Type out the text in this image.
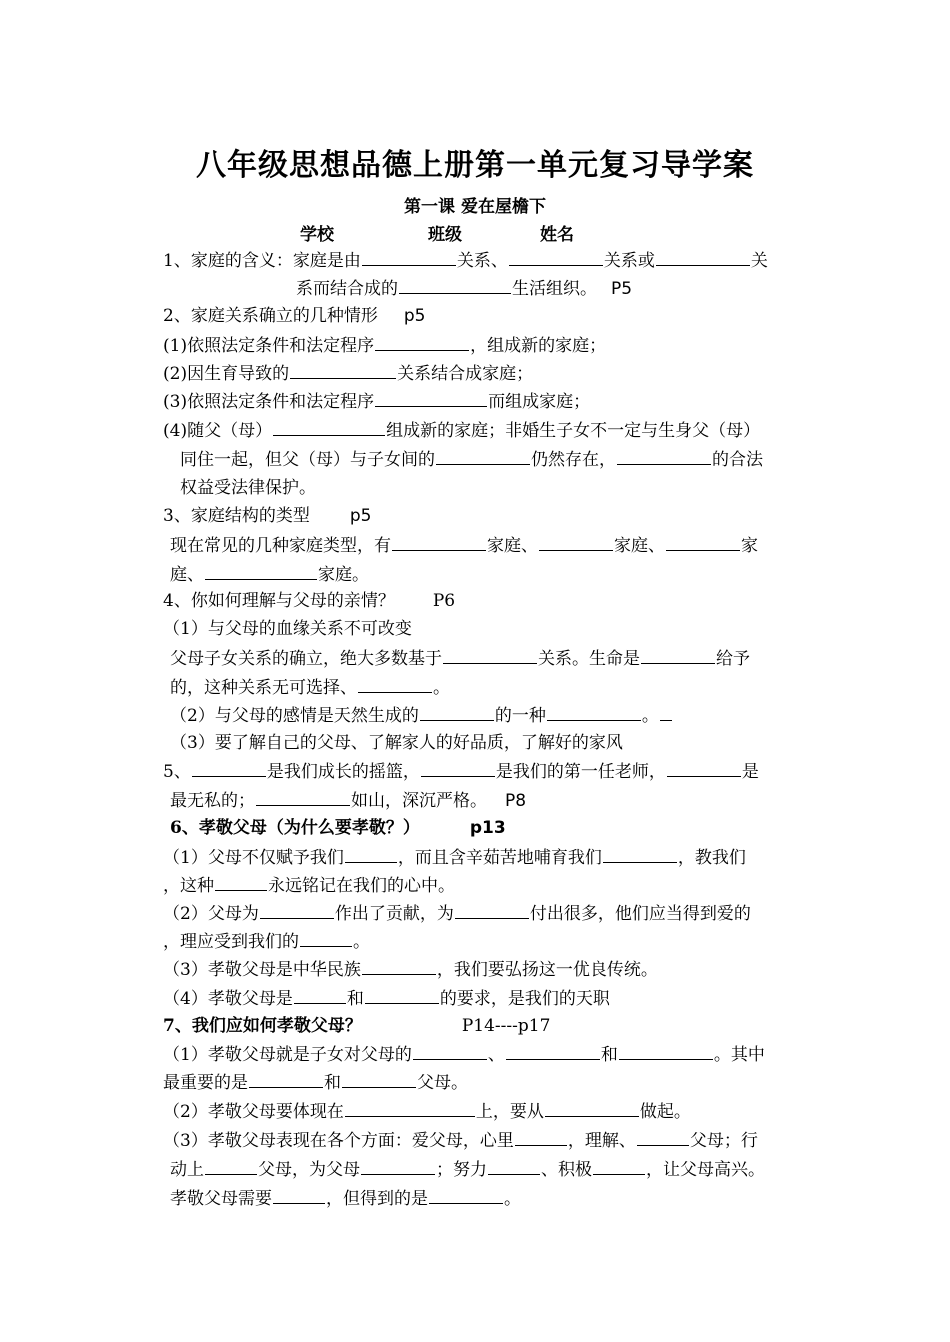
八年级思想品德上册第一单元复习导学案
第一课 爱在屋檐下
学校	班级	姓名
1、家庭的含义：家庭是由	关系、	关系或	关
系而结合成的	生活组织。 P5
2、家庭关系确立的几种情形 p5
(1)依照法定条件和法定程序	，组成新的家庭；
(2)因生育导致的	关系结合成家庭；
(3)依照法定条件和法定程序	而组成家庭；
(4)随父（母）	组成新的家庭；非婚生子女不一定与生身父（母）
同住一起，但父（母）与子女间的	仍然存在，	的合法
权益受法律保护。
3、家庭结构的类型 p5
现在常见的几种家庭类型，有	家庭、	家庭、	家
庭、	家庭。
4、你如何理解与父母的亲情？ P6
（1）与父母的血缘关系不可改变
父母子女关系的确立，绝大多数基于	关系。生命是	给予
的，这种关系无可选择、	。
（2）与父母的感情是天然生成的	的一种	。
（3）要了解自己的父母、了解家人的好品质，了解好的家风
5、	是我们成长的摇篮，	是我们的第一任老师，	是
最无私的；	如山，深沉严格。 P8
6、孝敬父母（为什么要孝敬？）	p13
（1）父母不仅赋予我们	，而且含辛茹苦地哺育我们	，教我们
，这种	永远铭记在我们的心中。
（2）父母为	作出了贡献，为	付出很多，他们应当得到爱的
，理应受到我们的	。
（3）孝敬父母是中华民族	，我们要弘扬这一优良传统。
（4）孝敬父母是	和	的要求，是我们的天职
7、我们应如何孝敬父母？	P14----p17
（1）孝敬父母就是子女对父母的	、	和	。其中
最重要的是	和	父母。
（2）孝敬父母要体现在	上，要从	做起。
（3）孝敬父母表现在各个方面：爱父母，心里	，理解、	父母；行
动上	父母，为父母	；努力	、积极	，让父母高兴。
孝敬父母需要	，但得到的是	。
